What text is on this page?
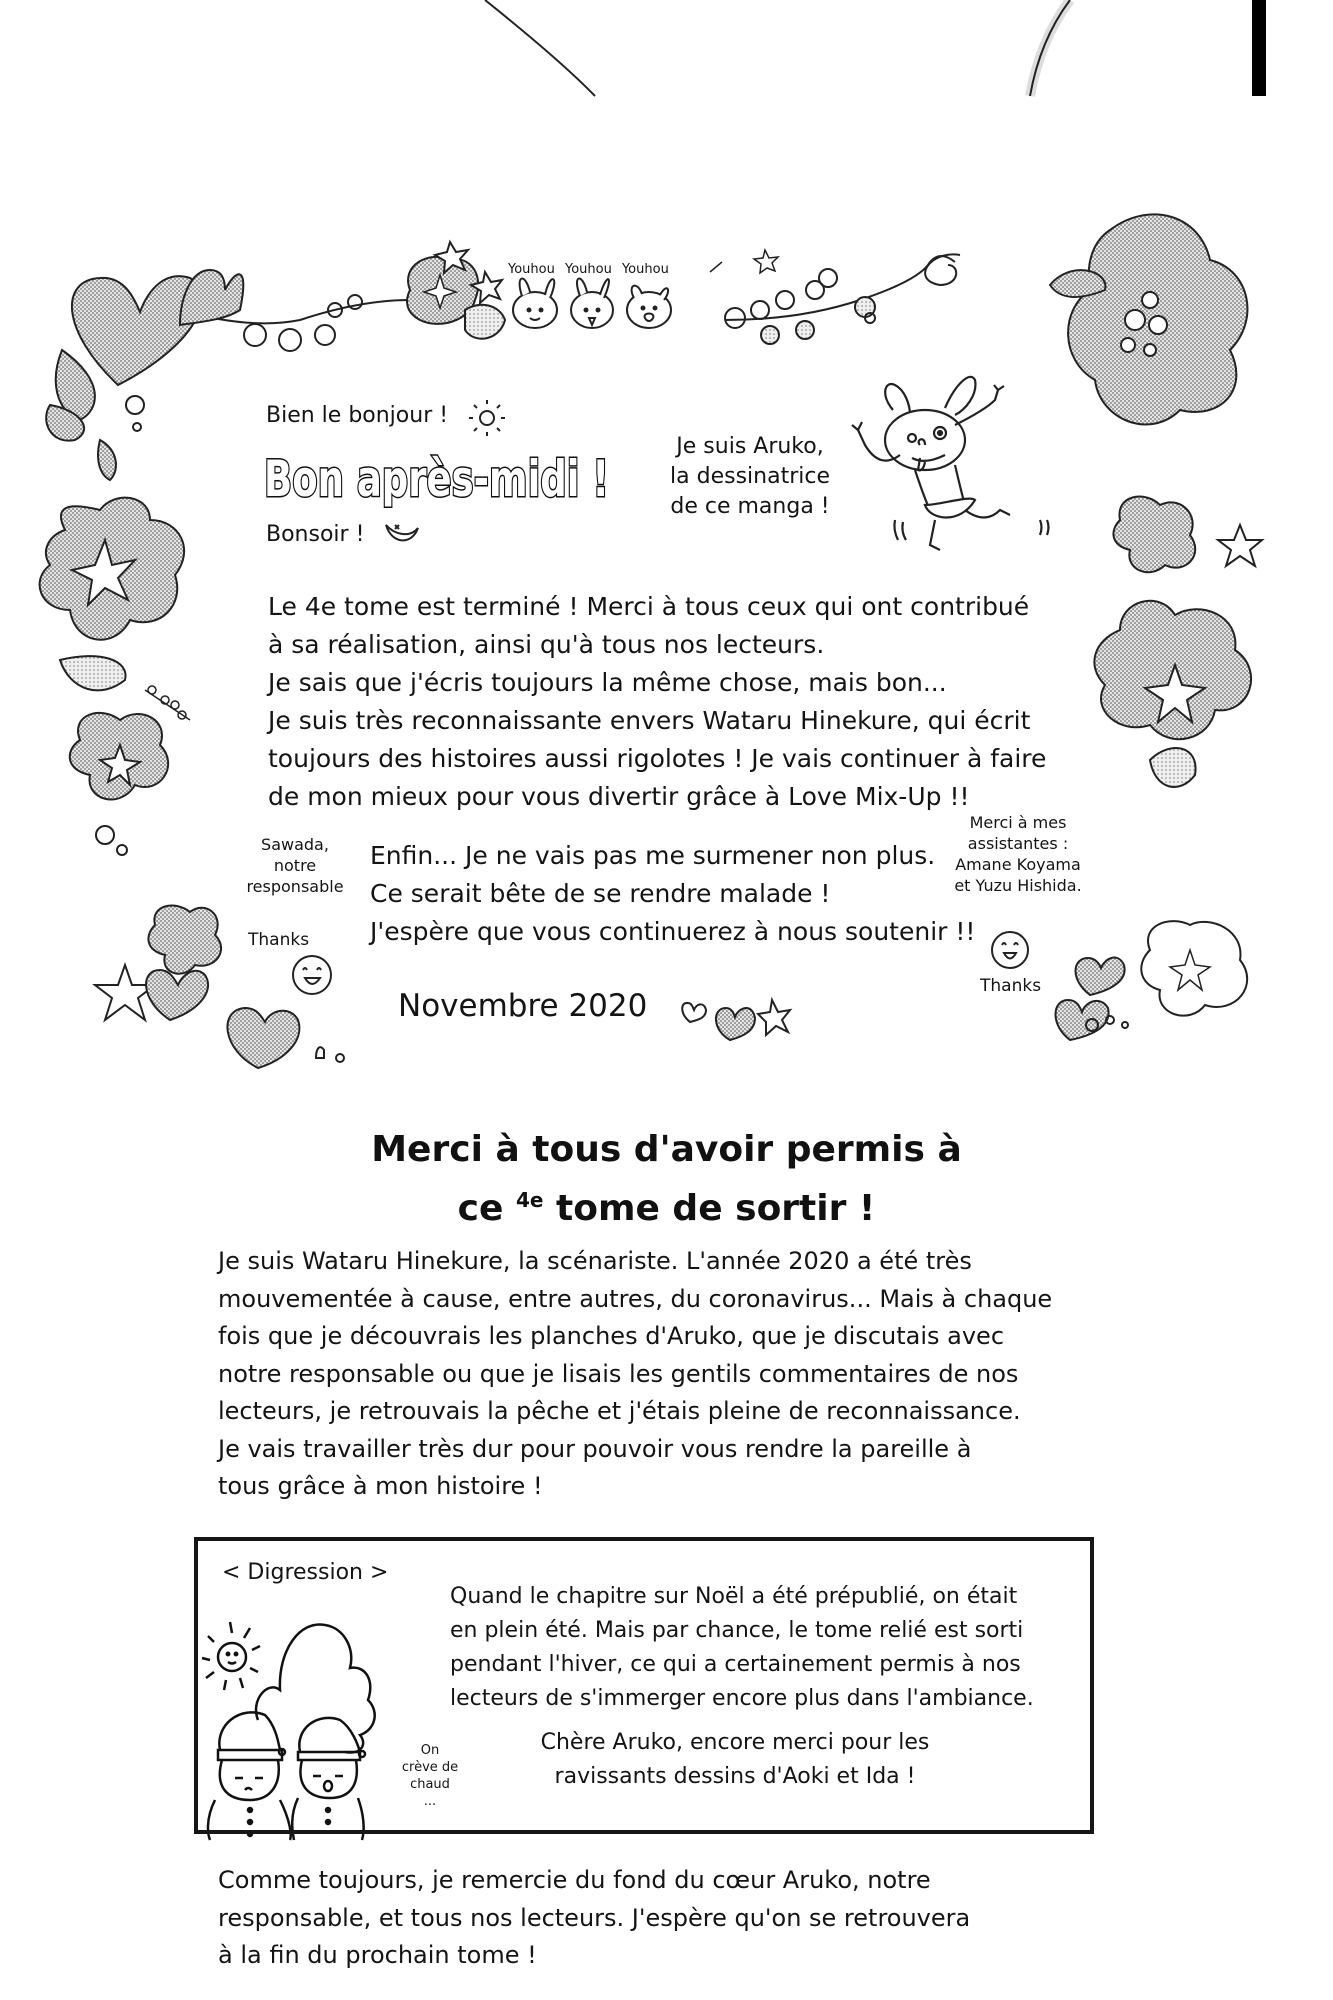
Youhou Youhou Youhou
Bien le bonjour !
Bon après-midi !
Bonsoir !
Je suis Aruko,
la dessinatrice
de ce manga !
Le 4e tome est terminé ! Merci à tous ceux qui ont contribué
à sa réalisation, ainsi qu'à tous nos lecteurs.
Je sais que j'écris toujours la même chose, mais bon...
Je suis très reconnaissante envers Wataru Hinekure, qui écrit
toujours des histoires aussi rigolotes ! Je vais continuer à faire
de mon mieux pour vous divertir grâce à Love Mix-Up !!
Enfin... Je ne vais pas me surmener non plus.
Ce serait bête de se rendre malade !
J'espère que vous continuerez à nous soutenir !!
Sawada,
notre
responsable
Thanks
Merci à mes
assistantes :
Amane Koyama
et Yuzu Hishida.
Thanks
Novembre 2020
Merci à tous d'avoir permis à
ce $^{4e}$ tome de sortir !
Je suis Wataru Hinekure, la scénariste. L'année 2020 a été très
mouvementée à cause, entre autres, du coronavirus... Mais à chaque
fois que je découvrais les planches d'Aruko, que je discutais avec
notre responsable ou que je lisais les gentils commentaires de nos
lecteurs, je retrouvais la pêche et j'étais pleine de reconnaissance.
Je vais travailler très dur pour pouvoir vous rendre la pareille à
tous grâce à mon histoire !
< Digression >
Quand le chapitre sur Noël a été prépublié, on était
en plein été. Mais par chance, le tome relié est sorti
pendant l'hiver, ce qui a certainement permis à nos
lecteurs de s'immerger encore plus dans l'ambiance.
Chère Aruko, encore merci pour les
ravissants dessins d'Aoki et Ida !
On
crève de
chaud
...
Comme toujours, je remercie du fond du cœur Aruko, notre
responsable, et tous nos lecteurs. J'espère qu'on se retrouvera
à la fin du prochain tome !
